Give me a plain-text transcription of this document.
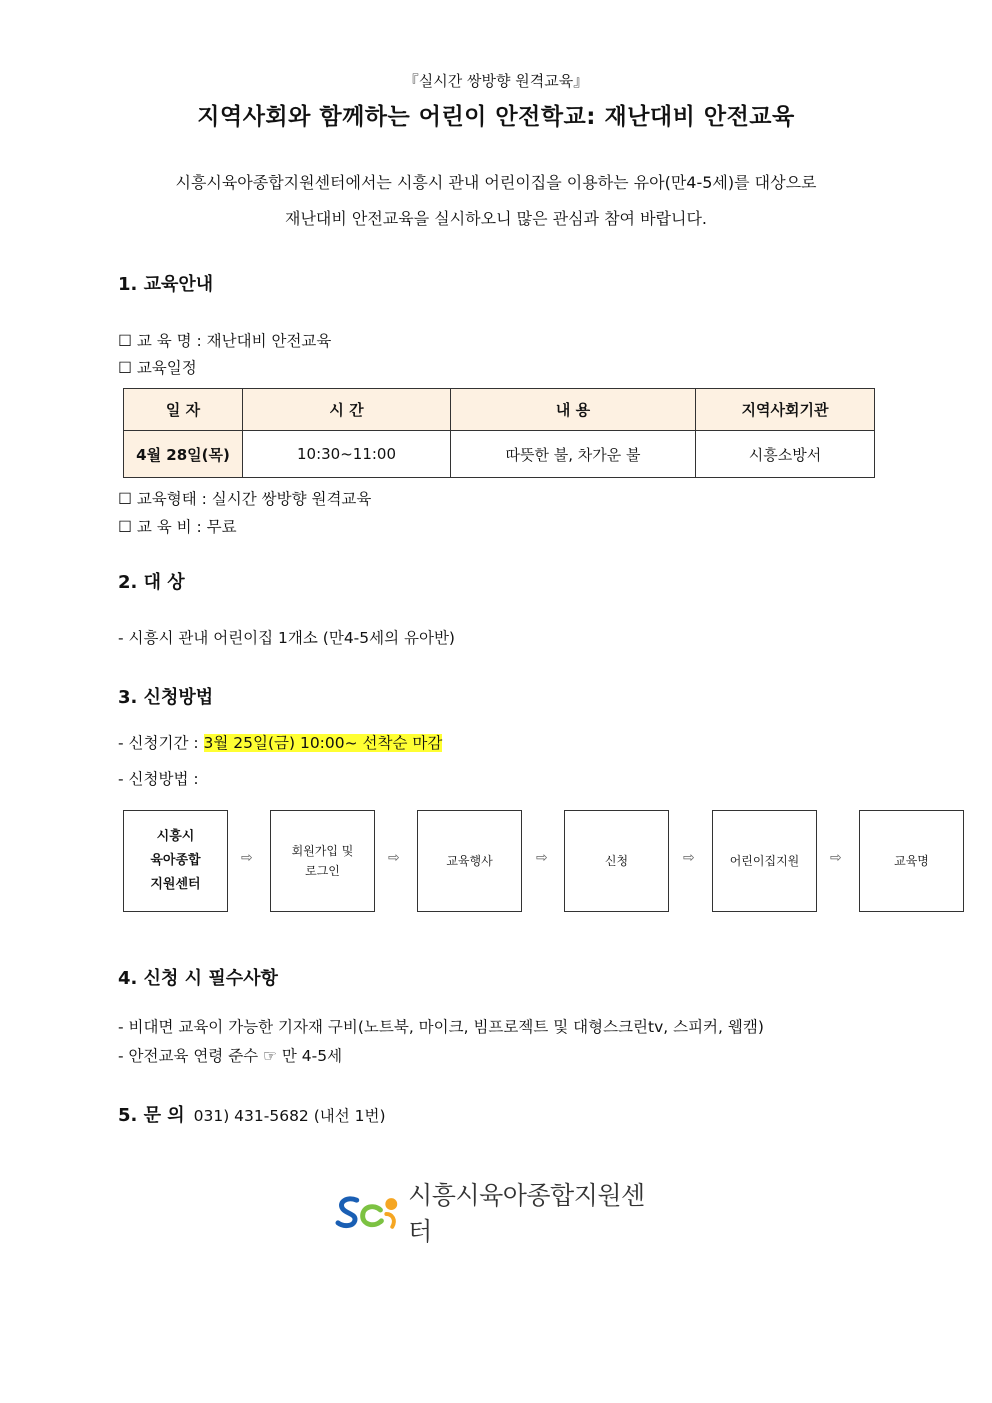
『실시간 쌍방향 원격교육』
지역사회와 함께하는 어린이 안전학교: 재난대비 안전교육
시흥시육아종합지원센터에서는 시흥시 관내 어린이집을 이용하는 유아(만4-5세)를 대상으로
재난대비 안전교육을 실시하오니 많은 관심과 참여 바랍니다.
1. 교육안내
☐ 교 육 명 : 재난대비 안전교육
☐ 교육일정
일 자	시 간	내 용	지역사회기관
4월 28일(목)	10:30~11:00	따뜻한 불, 차가운 불	시흥소방서
☐ 교육형태 : 실시간 쌍방향 원격교육
☐ 교 육 비 : 무료
2. 대 상
- 시흥시 관내 어린이집 1개소 (만4-5세의 유아반)
3. 신청방법
- 신청기간 : 3월 25일(금) 10:00~ 선착순 마감
- 신청방법 :
시흥시
육아종합
지원센터
⇨	회원가입 및
로그인
⇨	교육행사	⇨	신청	⇨	어린이집지원 ⇨	교육명
4. 신청 시 필수사항
- 비대면 교육이 가능한 기자재 구비(노트북, 마이크, 빔프로젝트 및 대형스크린tv, 스피커, 웹캠)
- 안전교육 연령 준수 ☞ 만 4-5세
5. 문 의 031) 431-5682 (내선 1번)
시흥시육아종합지원센터
